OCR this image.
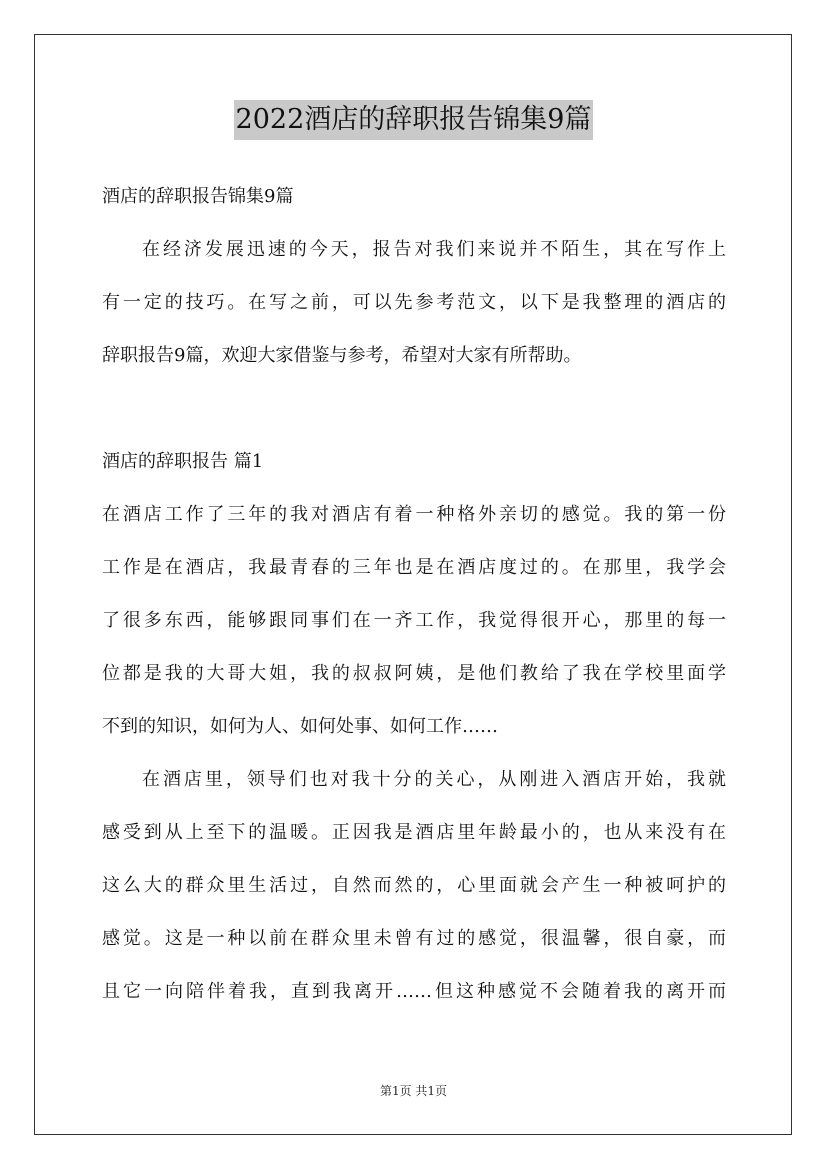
2022酒店的辞职报告锦集9篇
酒店的辞职报告锦集9篇
在经济发展迅速的今天，报告对我们来说并不陌生，其在写作上
有一定的技巧。在写之前，可以先参考范文，以下是我整理的酒店的
辞职报告9篇，欢迎大家借鉴与参考，希望对大家有所帮助。
酒店的辞职报告 篇1
在酒店工作了三年的我对酒店有着一种格外亲切的感觉。我的第一份
工作是在酒店，我最青春的三年也是在酒店度过的。在那里，我学会
了很多东西，能够跟同事们在一齐工作，我觉得很开心，那里的每一
位都是我的大哥大姐，我的叔叔阿姨，是他们教给了我在学校里面学
不到的知识，如何为人、如何处事、如何工作……
在酒店里，领导们也对我十分的关心，从刚进入酒店开始，我就
感受到从上至下的温暖。正因我是酒店里年龄最小的，也从来没有在
这么大的群众里生活过，自然而然的，心里面就会产生一种被呵护的
感觉。这是一种以前在群众里未曾有过的感觉，很温馨，很自豪，而
且它一向陪伴着我，直到我离开……但这种感觉不会随着我的离开而
第1页 共1页
